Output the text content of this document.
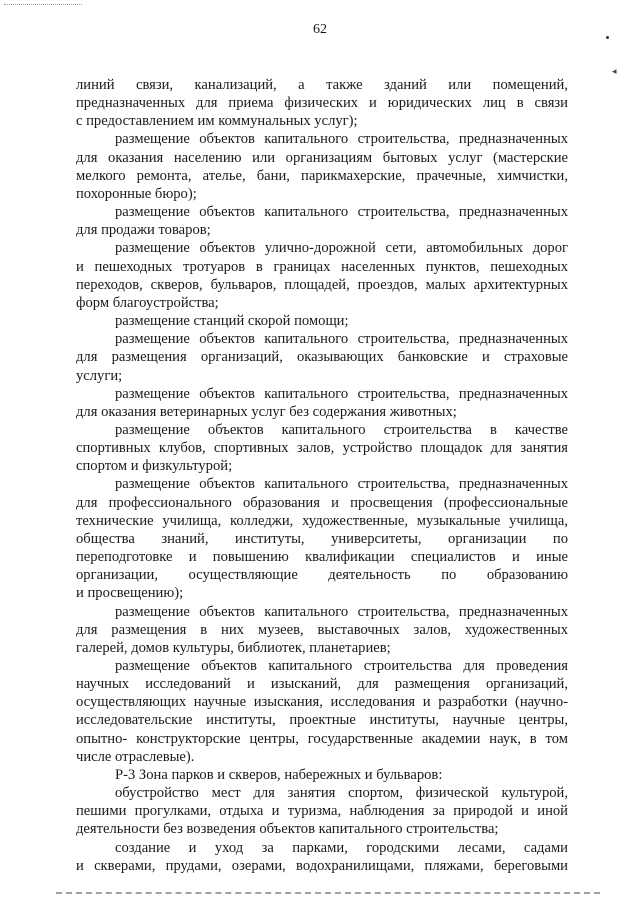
◂
62
линий связи, канализаций, а также зданий или помещений,
предназначенных для приема физических и юридических лиц в связи
с предоставлением им коммунальных услуг);
размещение объектов капитального строительства, предназначенных
для оказания населению или организациям бытовых услуг (мастерские
мелкого ремонта, ателье, бани, парикмахерские, прачечные, химчистки,
похоронные бюро);
размещение объектов капитального строительства, предназначенных
для продажи товаров;
размещение объектов улично-дорожной сети, автомобильных дорог
и пешеходных тротуаров в границах населенных пунктов, пешеходных
переходов, скверов, бульваров, площадей, проездов, малых архитектурных
форм благоустройства;
размещение станций скорой помощи;
размещение объектов капитального строительства, предназначенных
для размещения организаций, оказывающих банковские и страховые
услуги;
размещение объектов капитального строительства, предназначенных
для оказания ветеринарных услуг без содержания животных;
размещение объектов капитального строительства в качестве
спортивных клубов, спортивных залов, устройство площадок для занятия
спортом и физкультурой;
размещение объектов капитального строительства, предназначенных
для профессионального образования и просвещения (профессиональные
технические училища, колледжи, художественные, музыкальные училища,
общества знаний, институты, университеты, организации по
переподготовке и повышению квалификации специалистов и иные
организации, осуществляющие деятельность по образованию
и просвещению);
размещение объектов капитального строительства, предназначенных
для размещения в них музеев, выставочных залов, художественных
галерей, домов культуры, библиотек, планетариев;
размещение объектов капитального строительства для проведения
научных исследований и изысканий, для размещения организаций,
осуществляющих научные изыскания, исследования и разработки (научно-
исследовательские институты, проектные институты, научные центры,
опытно- конструкторские центры, государственные академии наук, в том
числе отраслевые).
Р-3 Зона парков и скверов, набережных и бульваров:
обустройство мест для занятия спортом, физической культурой,
пешими прогулками, отдыха и туризма, наблюдения за природой и иной
деятельности без возведения объектов капитального строительства;
создание и уход за парками, городскими лесами, садами
и скверами, прудами, озерами, водохранилищами, пляжами, береговыми
